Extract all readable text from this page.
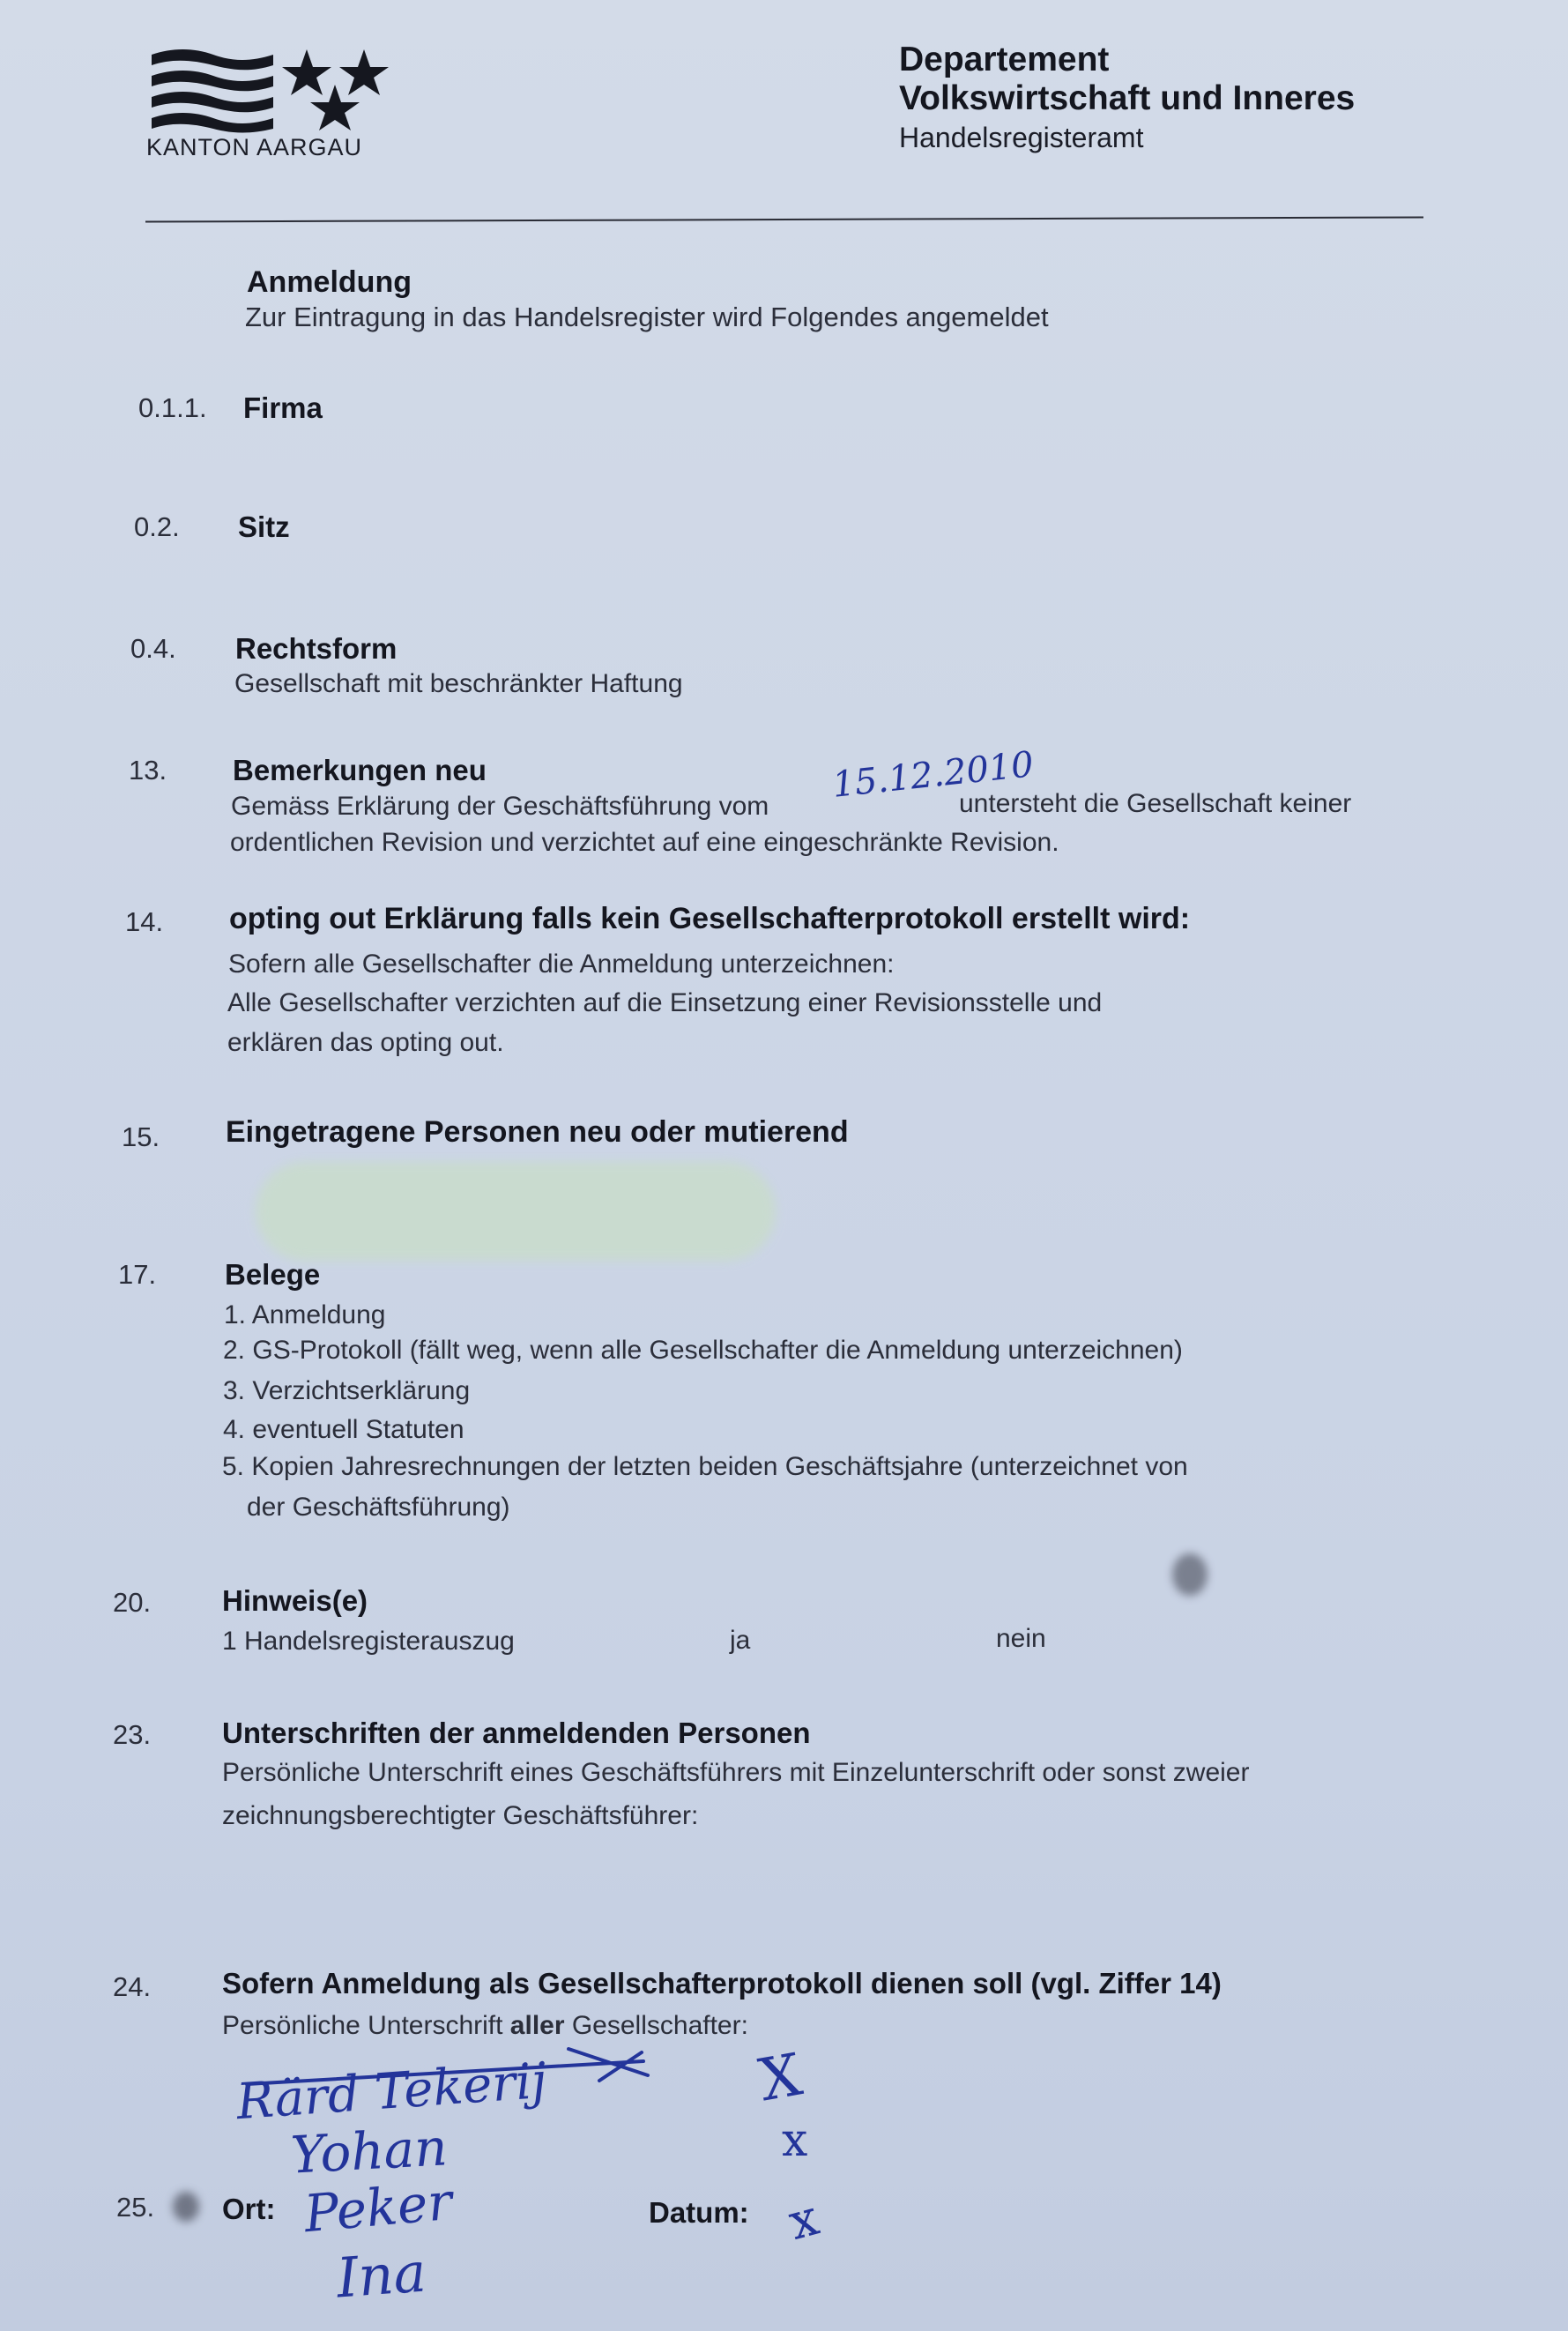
KANTON AARGAU
Departement
Volkswirtschaft und Inneres
Handelsregisteramt
Anmeldung
Zur Eintragung in das Handelsregister wird Folgendes angemeldet
0.1.1. Firma
0.2. Sitz
0.4. Rechtsform
Gesellschaft mit beschränkter Haftung
13. Bemerkungen neu
Gemäss Erklärung der Geschäftsführung vom
15.12.2010
untersteht die Gesellschaft keiner
ordentlichen Revision und verzichtet auf eine eingeschränkte Revision.
14. opting out Erklärung falls kein Gesellschafterprotokoll erstellt wird:
Sofern alle Gesellschafter die Anmeldung unterzeichnen:
Alle Gesellschafter verzichten auf die Einsetzung einer Revisionsstelle und
erklären das opting out.
15. Eingetragene Personen neu oder mutierend
17. Belege
1. Anmeldung
2. GS-Protokoll (fällt weg, wenn alle Gesellschafter die Anmeldung unterzeichnen)
3. Verzichtserklärung
4. eventuell Statuten
5. Kopien Jahresrechnungen der letzten beiden Geschäftsjahre (unterzeichnet von
der Geschäftsführung)
20. Hinweis(e)
1 Handelsregisterauszug	ja	nein
23. Unterschriften der anmeldenden Personen
Persönliche Unterschrift eines Geschäftsführers mit Einzelunterschrift oder sonst zweier
zeichnungsberechtigter Geschäftsführer:
24. Sofern Anmeldung als Gesellschafterprotokoll dienen soll (vgl. Ziffer 14)
Persönliche Unterschrift aller Gesellschafter:
Rärd Tekerij
Yohan
Peker
Ina
X
x
x
25. Ort:	Datum:
